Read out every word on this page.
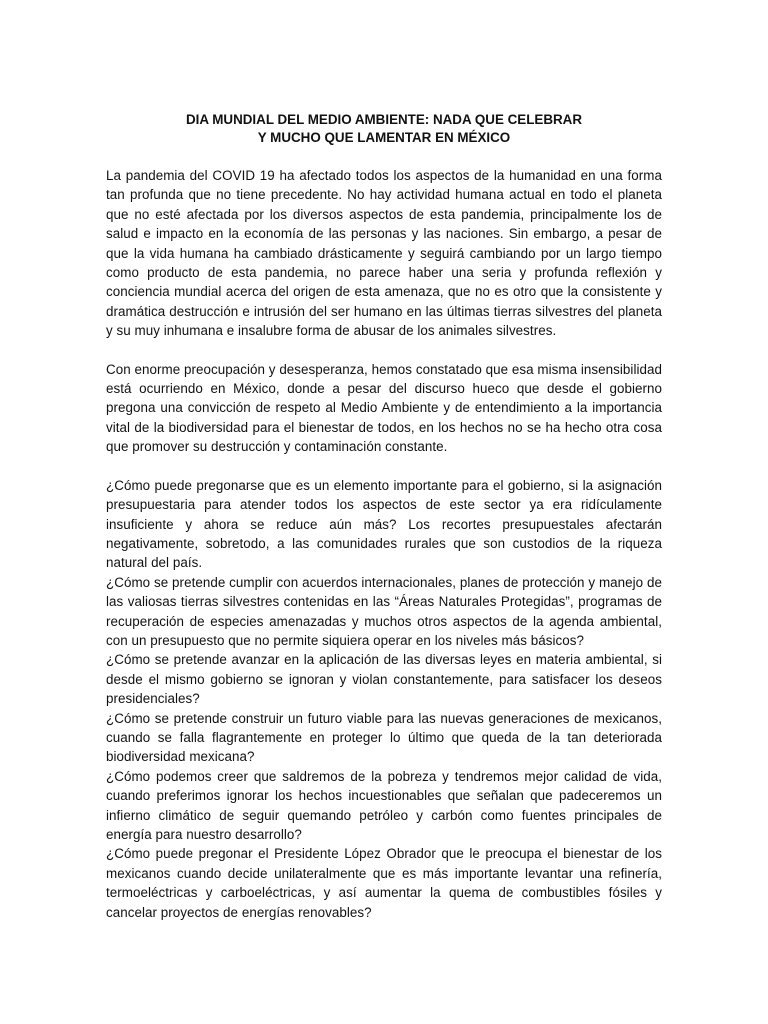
DIA MUNDIAL DEL MEDIO AMBIENTE: NADA QUE CELEBRAR
Y MUCHO QUE LAMENTAR EN MÉXICO

La pandemia del COVID 19 ha afectado todos los aspectos de la humanidad en una forma tan profunda que no tiene precedente. No hay actividad humana actual en todo el planeta que no esté afectada por los diversos aspectos de esta pandemia, principalmente los de salud e impacto en la economía de las personas y las naciones. Sin embargo, a pesar de que la vida humana ha cambiado drásticamente y seguirá cambiando por un largo tiempo como producto de esta pandemia, no parece haber una seria y profunda reflexión y conciencia mundial acerca del origen de esta amenaza, que no es otro que la consistente y dramática destrucción e intrusión del ser humano en las últimas tierras silvestres del planeta y su muy inhumana e insalubre forma de abusar de los animales silvestres.

Con enorme preocupación y desesperanza, hemos constatado que esa misma insensibilidad está ocurriendo en México, donde a pesar del discurso hueco que desde el gobierno pregona una convicción de respeto al Medio Ambiente y de entendimiento a la importancia vital de la biodiversidad para el bienestar de todos, en los hechos no se ha hecho otra cosa que promover su destrucción y contaminación constante.

¿Cómo puede pregonarse que es un elemento importante para el gobierno, si la asignación presupuestaria para atender todos los aspectos de este sector ya era ridículamente insuficiente y ahora se reduce aún más? Los recortes presupuestales afectarán negativamente, sobretodo, a las comunidades rurales que son custodios de la riqueza natural del país.

¿Cómo se pretende cumplir con acuerdos internacionales, planes de protección y manejo de las valiosas tierras silvestres contenidas en las “Áreas Naturales Protegidas”, programas de recuperación de especies amenazadas y muchos otros aspectos de la agenda ambiental, con un presupuesto que no permite siquiera operar en los niveles más básicos?

¿Cómo se pretende avanzar en la aplicación de las diversas leyes en materia ambiental, si desde el mismo gobierno se ignoran y violan constantemente, para satisfacer los deseos presidenciales?

¿Cómo se pretende construir un futuro viable para las nuevas generaciones de mexicanos, cuando se falla flagrantemente en proteger lo último que queda de la tan deteriorada biodiversidad mexicana?

¿Cómo podemos creer que saldremos de la pobreza y tendremos mejor calidad de vida, cuando preferimos ignorar los hechos incuestionables que señalan que padeceremos un infierno climático de seguir quemando petróleo y carbón como fuentes principales de energía para nuestro desarrollo?

¿Cómo puede pregonar el Presidente López Obrador que le preocupa el bienestar de los mexicanos cuando decide unilateralmente que es más importante levantar una refinería, termoeléctricas y carboeléctricas, y así aumentar la quema de combustibles fósiles y cancelar proyectos de energías renovables?
